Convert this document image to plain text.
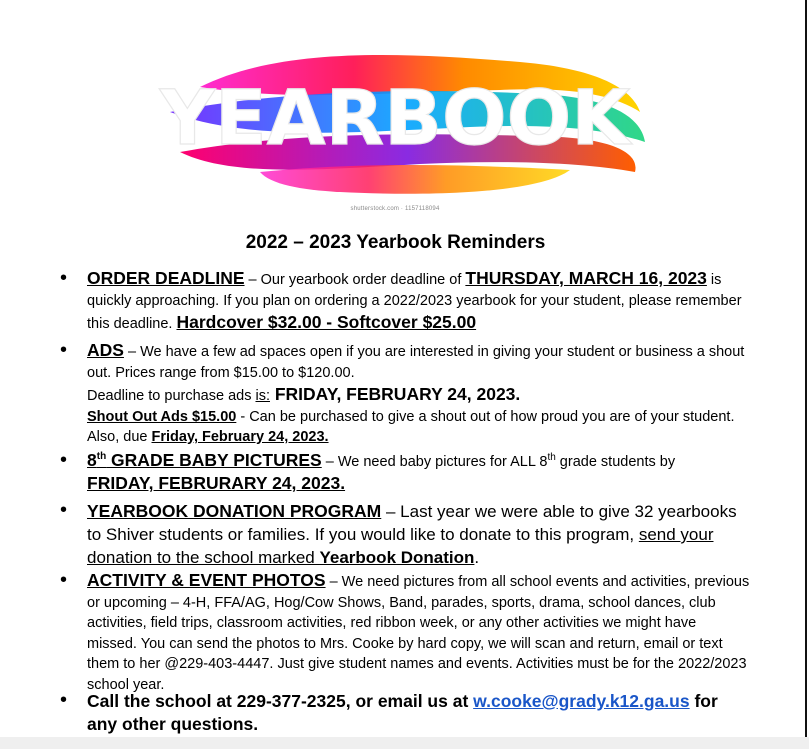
YEARBOOK
shutterstock.com · 1157118094
2022 – 2023 Yearbook Reminders
• ORDER DEADLINE – Our yearbook order deadline of THURSDAY, MARCH 16, 2023 is quickly approaching. If you plan on ordering a 2022/2023 yearbook for your student, please remember this deadline. Hardcover $32.00 - Softcover $25.00
• ADS – We have a few ad spaces open if you are interested in giving your student or business a shout out. Prices range from $15.00 to $120.00.
Deadline to purchase ads is: FRIDAY, FEBRUARY 24, 2023.
Shout Out Ads $15.00 - Can be purchased to give a shout out of how proud you are of your student. Also, due Friday, February 24, 2023.
• 8th GRADE BABY PICTURES – We need baby pictures for ALL 8th grade students by
FRIDAY, FEBRURARY 24, 2023.
• YEARBOOK DONATION PROGRAM – Last year we were able to give 32 yearbooks to Shiver students or families. If you would like to donate to this program, send your donation to the school marked Yearbook Donation.
• ACTIVITY & EVENT PHOTOS – We need pictures from all school events and activities, previous or upcoming – 4-H, FFA/AG, Hog/Cow Shows, Band, parades, sports, drama, school dances, club activities, field trips, classroom activities, red ribbon week, or any other activities we might have missed. You can send the photos to Mrs. Cooke by hard copy, we will scan and return, email or text them to her @229-403-4447. Just give student names and events. Activities must be for the 2022/2023 school year.
• Call the school at 229-377-2325, or email us at w.cooke@grady.k12.ga.us for any other questions.
